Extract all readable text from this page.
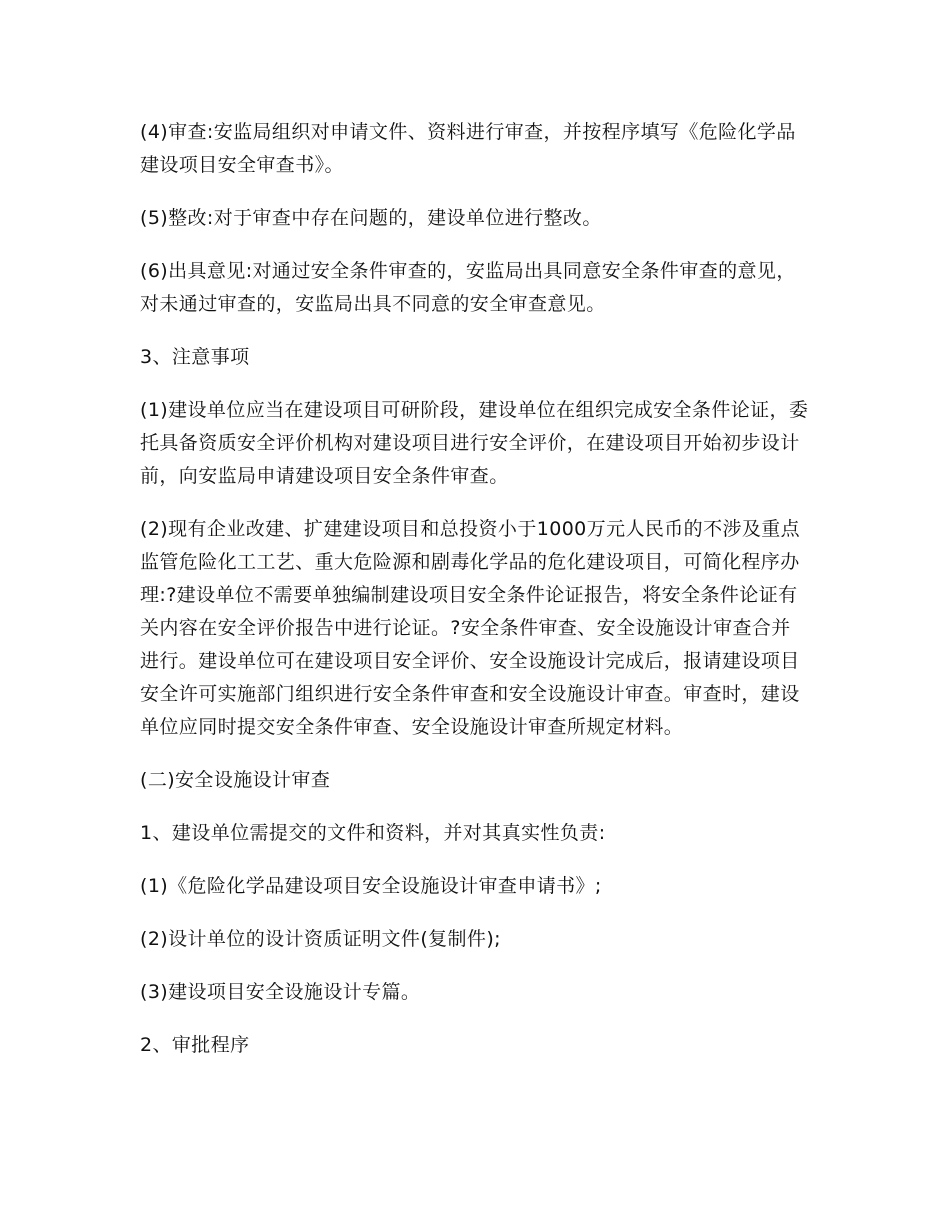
(4)审查:安监局组织对申请文件、资料进行审查，并按程序填写《危险化学品建设项目安全审查书》。

(5)整改:对于审查中存在问题的，建设单位进行整改。

(6)出具意见:对通过安全条件审查的，安监局出具同意安全条件审查的意见，对未通过审查的，安监局出具不同意的安全审查意见。

3、注意事项

(1)建设单位应当在建设项目可研阶段，建设单位在组织完成安全条件论证，委托具备资质安全评价机构对建设项目进行安全评价，在建设项目开始初步设计前，向安监局申请建设项目安全条件审查。

(2)现有企业改建、扩建建设项目和总投资小于1000万元人民币的不涉及重点监管危险化工工艺、重大危险源和剧毒化学品的危化建设项目，可简化程序办理:?建设单位不需要单独编制建设项目安全条件论证报告，将安全条件论证有关内容在安全评价报告中进行论证。?安全条件审查、安全设施设计审查合并进行。建设单位可在建设项目安全评价、安全设施设计完成后，报请建设项目安全许可实施部门组织进行安全条件审查和安全设施设计审查。审查时，建设单位应同时提交安全条件审查、安全设施设计审查所规定材料。

(二)安全设施设计审查

1、建设单位需提交的文件和资料，并对其真实性负责:

(1)《危险化学品建设项目安全设施设计审查申请书》;

(2)设计单位的设计资质证明文件(复制件);

(3)建设项目安全设施设计专篇。

2、审批程序
